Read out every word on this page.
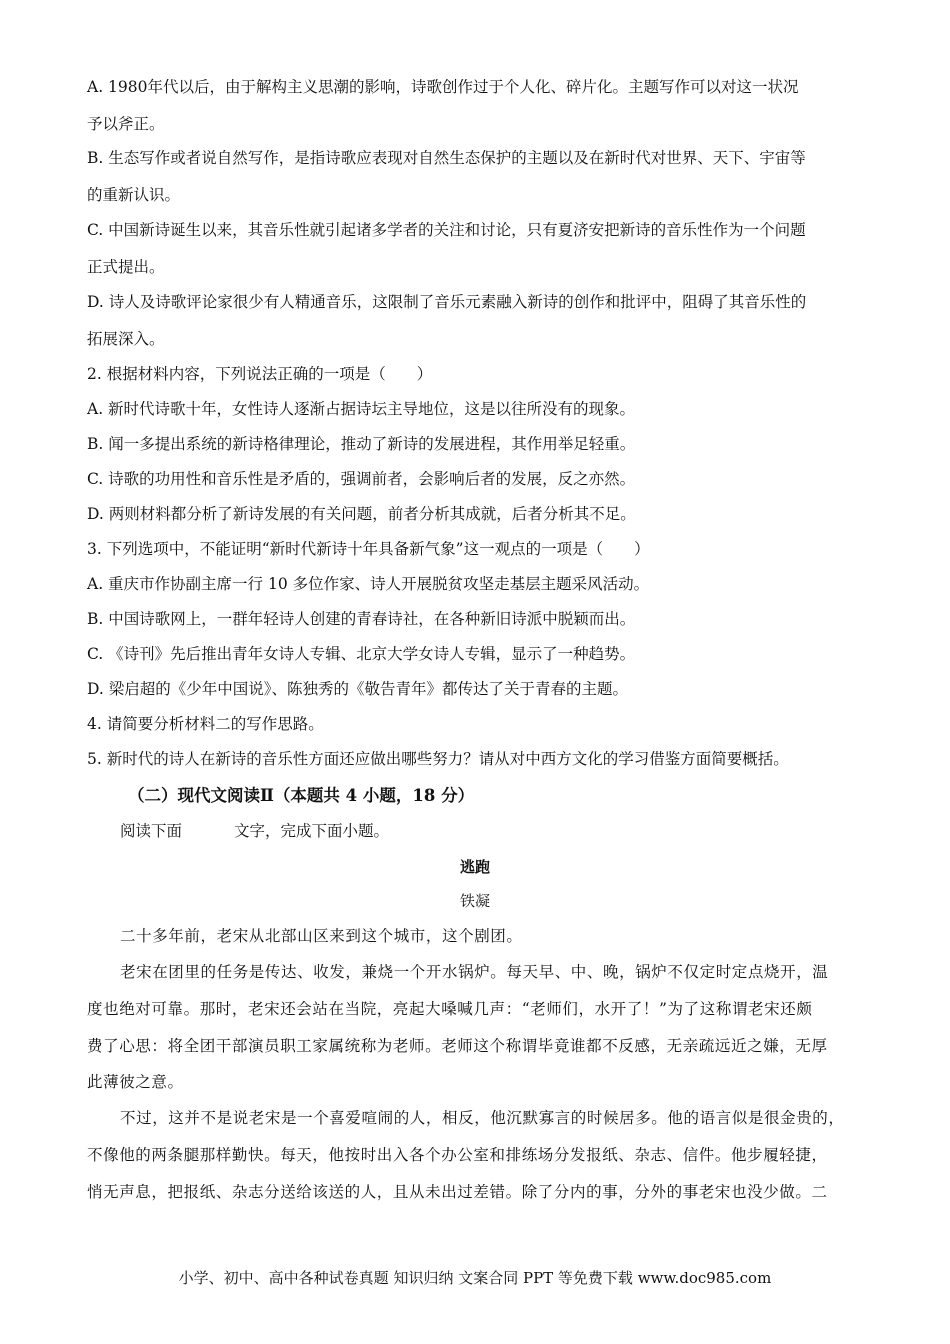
A. 1980年代以后，由于解构主义思潮的影响，诗歌创作过于个人化、碎片化。主题写作可以对这一状况
予以斧正。
B. 生态写作或者说自然写作，是指诗歌应表现对自然生态保护的主题以及在新时代对世界、天下、宇宙等
的重新认识。
C. 中国新诗诞生以来，其音乐性就引起诸多学者的关注和讨论，只有夏济安把新诗的音乐性作为一个问题
正式提出。
D. 诗人及诗歌评论家很少有人精通音乐，这限制了音乐元素融入新诗的创作和批评中，阻碍了其音乐性的
拓展深入。
2. 根据材料内容，下列说法正确的一项是（　　）
A. 新时代诗歌十年，女性诗人逐渐占据诗坛主导地位，这是以往所没有的现象。
B. 闻一多提出系统的新诗格律理论，推动了新诗的发展进程，其作用举足轻重。
C. 诗歌的功用性和音乐性是矛盾的，强调前者，会影响后者的发展，反之亦然。
D. 两则材料都分析了新诗发展的有关问题，前者分析其成就，后者分析其不足。
3. 下列选项中，不能证明“新时代新诗十年具备新气象”这一观点的一项是（　　）
A. 重庆市作协副主席一行 10 多位作家、诗人开展脱贫攻坚走基层主题采风活动。
B. 中国诗歌网上，一群年轻诗人创建的青春诗社，在各种新旧诗派中脱颖而出。
C. 《诗刊》先后推出青年女诗人专辑、北京大学女诗人专辑，显示了一种趋势。
D. 梁启超的《少年中国说》、陈独秀的《敬告青年》都传达了关于青春的主题。
4. 请简要分析材料二的写作思路。
5. 新时代的诗人在新诗的音乐性方面还应做出哪些努力？请从对中西方文化的学习借鉴方面简要概括。
（二）现代文阅读Ⅱ（本题共 4 小题，18 分）
阅读下面	文字，完成下面小题。
逃跑
铁凝
二十多年前，老宋从北部山区来到这个城市，这个剧团。
老宋在团里的任务是传达、收发，兼烧一个开水锅炉。每天早、中、晚，锅炉不仅定时定点烧开，温
度也绝对可靠。那时，老宋还会站在当院，亮起大嗓喊几声：“老师们，水开了！”为了这称谓老宋还颇
费了心思：将全团干部演员职工家属统称为老师。老师这个称谓毕竟谁都不反感，无亲疏远近之嫌，无厚
此薄彼之意。
不过，这并不是说老宋是一个喜爱喧闹的人，相反，他沉默寡言的时候居多。他的语言似是很金贵的，
不像他的两条腿那样勤快。每天，他按时出入各个办公室和排练场分发报纸、杂志、信件。他步履轻捷，
悄无声息，把报纸、杂志分送给该送的人，且从未出过差错。除了分内的事，分外的事老宋也没少做。二
小学、初中、高中各种试卷真题 知识归纳 文案合同 PPT 等免费下载 www.doc985.com
